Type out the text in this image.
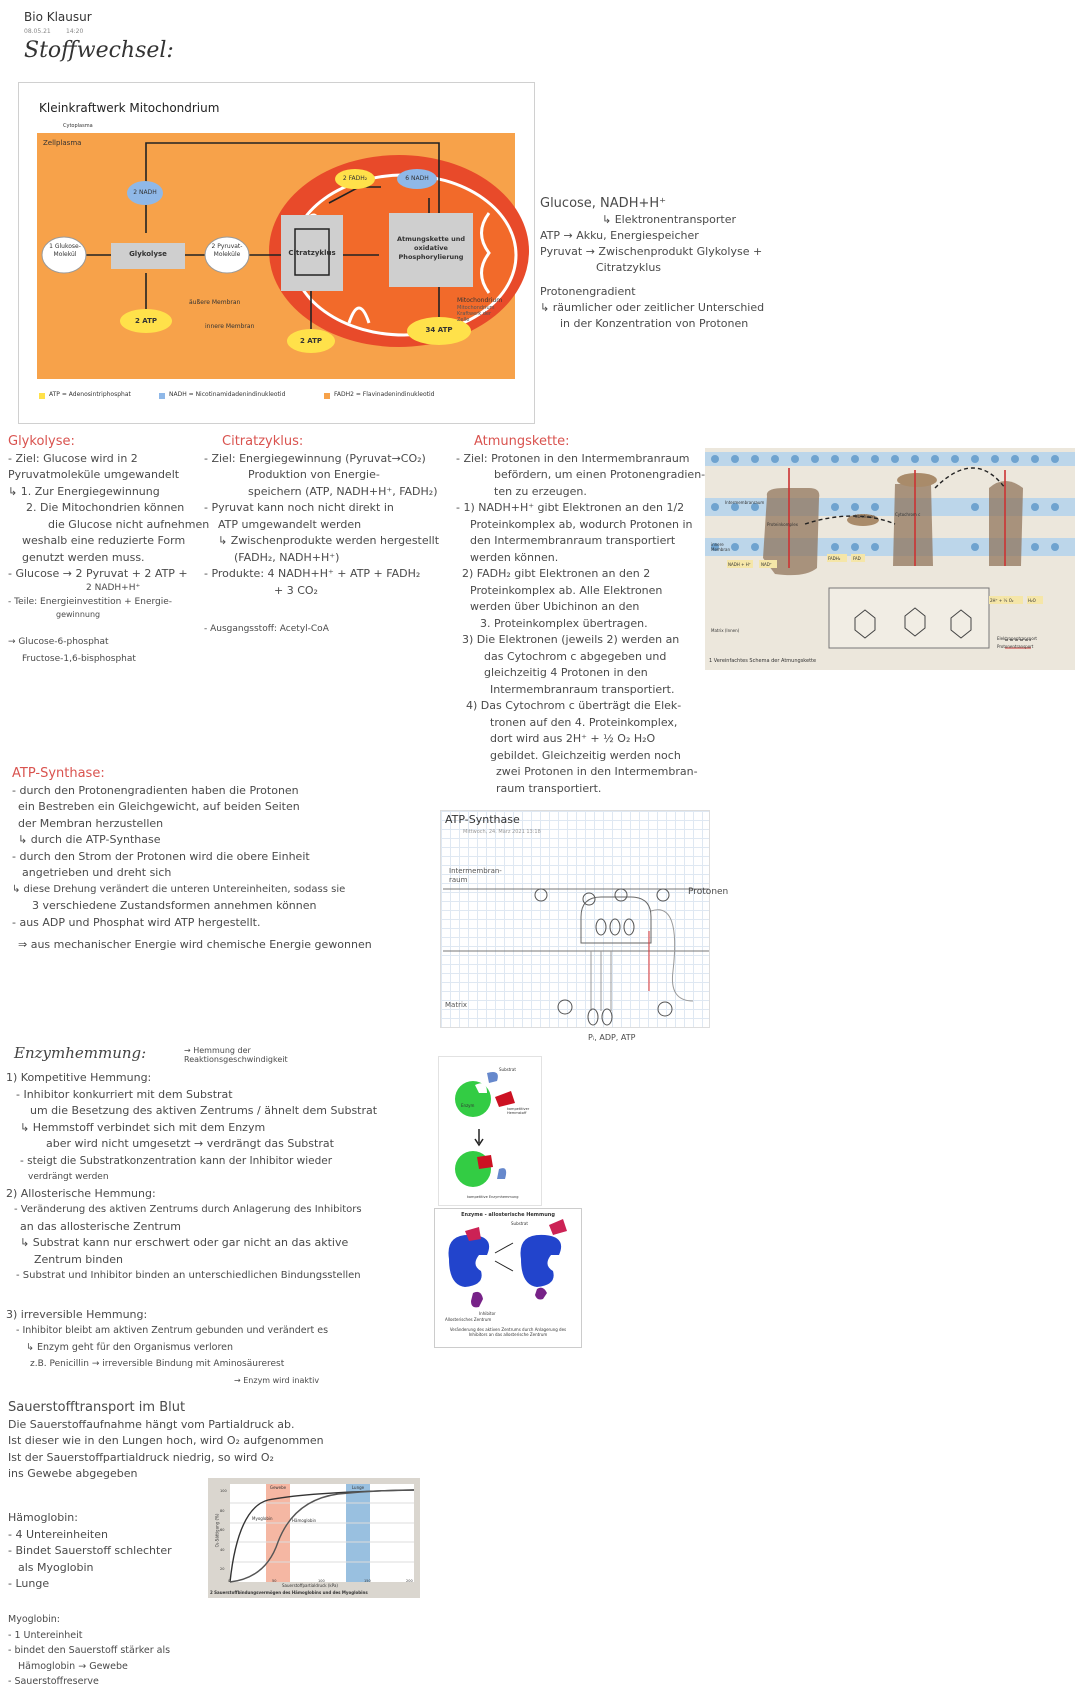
Bio Klausur
08.05.21	14:20
Stoffwechsel:
Kleinkraftwerk Mitochondrium
Cytoplasma
Zellplasma
1 Glukose-Molekül	Glykolyse
2 Pyruvat-Moleküle
2 NADH
2 FADH₂	6 NADH
Citratzyklus
Atmungskette und oxidative Phosphorylierung
2 ATP
2 ATP
34 ATP
äußere Membran
innere Membran
Mitochondrium
Mitochondrium Kraftwerk der Zelle
ATP = Adenosintriphosphat	NADH = Nicotinamidadenindinukleotid	FADH2 = Flavinadenindinukleotid
Glucose, NADH+H⁺
↳ Elektronentransporter
ATP → Akku, Energiespeicher
Pyruvat → Zwischenprodukt Glykolyse +
Citratzyklus
Protonengradient
↳ räumlicher oder zeitlicher Unterschied
in der Konzentration von Protonen
Glykolyse:
- Ziel: Glucose wird in 2
Pyruvatmoleküle umgewandelt
↳ 1. Zur Energiegewinnung
2. Die Mitochondrien können
die Glucose nicht aufnehmen
weshalb eine reduzierte Form
genutzt werden muss.
- Glucose → 2 Pyruvat + 2 ATP +
2 NADH+H⁺
- Teile: Energieinvestition + Energie-
gewinnung
→ Glucose-6-phosphat
Fructose-1,6-bisphosphat
Citratzyklus:
- Ziel: Energiegewinnung (Pyruvat→CO₂)
Produktion von Energie-
speichern (ATP, NADH+H⁺, FADH₂)
- Pyruvat kann noch nicht direkt in
ATP umgewandelt werden
↳ Zwischenprodukte werden hergestellt
(FADH₂, NADH+H⁺)
- Produkte: 4 NADH+H⁺ + ATP + FADH₂
+ 3 CO₂
- Ausgangsstoff: Acetyl-CoA
Atmungskette:
- Ziel: Protonen in den Intermembranraum
befördern, um einen Protonengradien-
ten zu erzeugen.
- 1) NADH+H⁺ gibt Elektronen an den 1/2
Proteinkomplex ab, wodurch Protonen in
den Intermembranraum transportiert
werden können.
2) FADH₂ gibt Elektronen an den 2
Proteinkomplex ab. Alle Elektronen
werden über Ubichinon an den
3. Proteinkomplex übertragen.
3) Die Elektronen (jeweils 2) werden an
das Cytochrom c abgegeben und
gleichzeitig 4 Protonen in den
Intermembranraum transportiert.
4) Das Cytochrom c überträgt die Elek-
tronen auf den 4. Proteinkomplex,
dort wird aus 2H⁺ + ½ O₂ H₂O
gebildet. Gleichzeitig werden noch
zwei Protonen in den Intermembran-
raum transportiert.
Intermembranraum
Cytochrom c
Ubichinon
innere Membran
Matrix (Innen)
Proteinkomplex
NADH + H⁺	NAD⁺
FADH₂	FAD
2H⁺ + ½ O₂	H₂O
Elektronentransport
Protonentransport
1 Vereinfachtes Schema der Atmungskette
ATP-Synthase:
- durch den Protonengradienten haben die Protonen
ein Bestreben ein Gleichgewicht, auf beiden Seiten
der Membran herzustellen
↳ durch die ATP-Synthase
- durch den Strom der Protonen wird die obere Einheit
angetrieben und dreht sich
↳ diese Drehung verändert die unteren Untereinheiten, sodass sie
3 verschiedene Zustandsformen annehmen können
- aus ADP und Phosphat wird ATP hergestellt.
⇒ aus mechanischer Energie wird chemische Energie gewonnen
ATP-Synthase
Mittwoch, 24. März 2021 13:18
Intermembran-raum
Matrix
Protonen
Pᵢ, ADP, ATP
Enzymhemmung:	→ Hemmung der Reaktionsgeschwindigkeit
1) Kompetitive Hemmung:
- Inhibitor konkurriert mit dem Substrat
um die Besetzung des aktiven Zentrums / ähnelt dem Substrat
↳ Hemmstoff verbindet sich mit dem Enzym
aber wird nicht umgesetzt → verdrängt das Substrat
- steigt die Substratkonzentration kann der Inhibitor wieder
verdrängt werden
2) Allosterische Hemmung:
- Veränderung des aktiven Zentrums durch Anlagerung des Inhibitors
an das allosterische Zentrum
↳ Substrat kann nur erschwert oder gar nicht an das aktive
Zentrum binden
- Substrat und Inhibitor binden an unterschiedlichen Bindungsstellen
3) irreversible Hemmung:
- Inhibitor bleibt am aktiven Zentrum gebunden und verändert es
↳ Enzym geht für den Organismus verloren
z.B. Penicillin → irreversible Bindung mit Aminosäurerest
→ Enzym wird inaktiv
Substrat
Enzym
kompetitiver Hemmstoff
kompetitive Enzymhemmung
Enzyme - allosterische Hemmung
Substrat
Inhibitor
Allosterisches Zentrum
Veränderung des aktiven Zentrums durch Anlagerung des Inhibitors an das allosterische Zentrum
Sauerstofftransport im Blut
Die Sauerstoffaufnahme hängt vom Partialdruck ab.
Ist dieser wie in den Lungen hoch, wird O₂ aufgenommen
Ist der Sauerstoffpartialdruck niedrig, so wird O₂
ins Gewebe abgegeben
Hämoglobin:
- 4 Untereinheiten
- Bindet Sauerstoff schlechter
als Myoglobin
- Lunge
Myoglobin:
- 1 Untereinheit
- bindet den Sauerstoff stärker als
Hämoglobin → Gewebe
- Sauerstoffreserve
Gewebe	Lunge
Myoglobin	Hämoglobin
Sauerstoffpartialdruck (kPa)
O₂-Sättigung (%)
100
80
60
40
20
0	50	100	150	200
2 Sauerstoffbindungsvermögen des Hämoglobins und des Myoglobins
